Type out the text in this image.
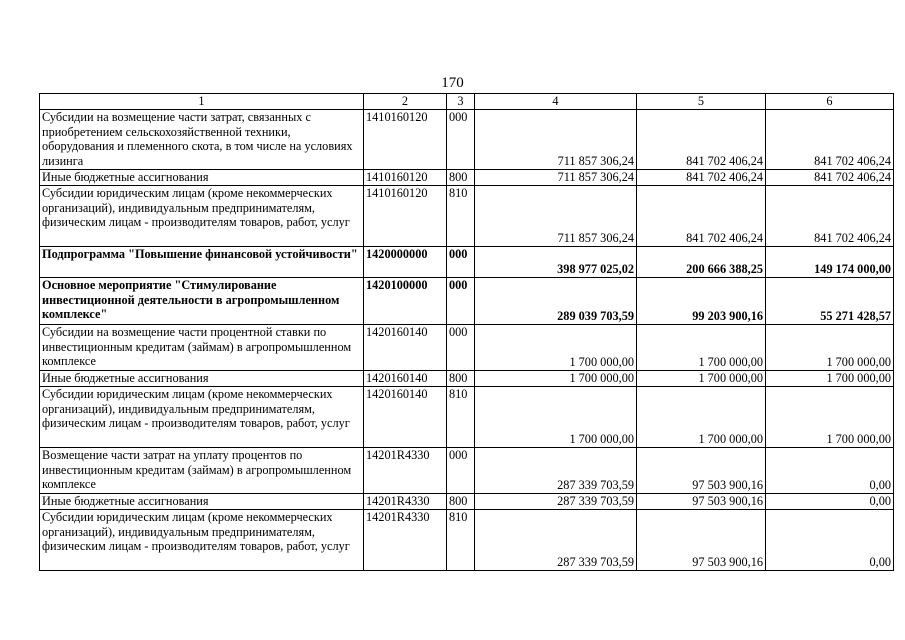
170
1	2	3	4	5	6
Субсидии на возмещение части затрат, связанных с приобретением сельскохозяйственной техники, оборудования и племенного скота, в том числе на условиях лизинга	1410160120	000	711 857 306,24	841 702 406,24	841 702 406,24
Иные бюджетные ассигнования	1410160120	800	711 857 306,24	841 702 406,24	841 702 406,24
Субсидии юридическим лицам (кроме некоммерческих организаций), индивидуальным предпринимателям, физическим лицам - производителям товаров, работ, услуг	1410160120	810	711 857 306,24	841 702 406,24	841 702 406,24
Подпрограмма "Повышение финансовой устойчивости"	1420000000	000	398 977 025,02	200 666 388,25	149 174 000,00
Основное мероприятие "Стимулирование инвестиционной деятельности в агропромышленном комплексе"	1420100000	000	289 039 703,59	99 203 900,16	55 271 428,57
Субсидии на возмещение части процентной ставки по инвестиционным кредитам (займам) в агропромышленном комплексе	1420160140	000	1 700 000,00	1 700 000,00	1 700 000,00
Иные бюджетные ассигнования	1420160140	800	1 700 000,00	1 700 000,00	1 700 000,00
Субсидии юридическим лицам (кроме некоммерческих организаций), индивидуальным предпринимателям, физическим лицам - производителям товаров, работ, услуг	1420160140	810	1 700 000,00	1 700 000,00	1 700 000,00
Возмещение части затрат на уплату процентов по инвестиционным кредитам (займам) в агропромышленном комплексе	14201R4330	000	287 339 703,59	97 503 900,16	0,00
Иные бюджетные ассигнования	14201R4330	800	287 339 703,59	97 503 900,16	0,00
Субсидии юридическим лицам (кроме некоммерческих организаций), индивидуальным предпринимателям, физическим лицам - производителям товаров, работ, услуг	14201R4330	810	287 339 703,59	97 503 900,16	0,00
